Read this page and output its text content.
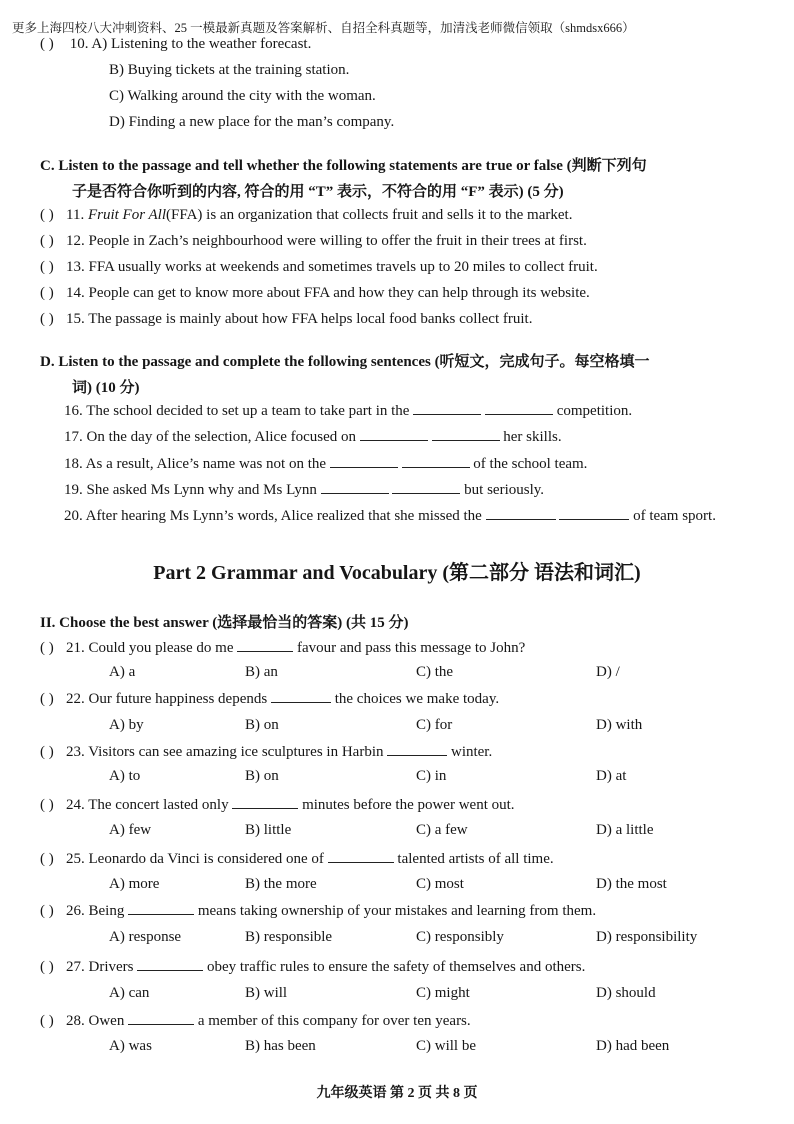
更多上海四校八大冲刺资料、25 一模最新真题及答案解析、自招全科真题等，加清浅老师微信领取（shmdsx666）
( ) 10. A) Listening to the weather forecast.
B) Buying tickets at the training station.
C) Walking around the city with the woman.
D) Finding a new place for the man’s company.
C. Listen to the passage and tell whether the following statements are true or false (判断下列句
子是否符合你听到的内容, 符合的用 “T” 表示，不符合的用 “F” 表示) (5 分)
( ) 11. Fruit For All(FFA) is an organization that collects fruit and sells it to the market.
( ) 12. People in Zach’s neighbourhood were willing to offer the fruit in their trees at first.
( ) 13. FFA usually works at weekends and sometimes travels up to 20 miles to collect fruit.
( ) 14. People can get to know more about FFA and how they can help through its website.
( ) 15. The passage is mainly about how FFA helps local food banks collect fruit.
D. Listen to the passage and complete the following sentences (听短文，完成句子。每空格填一
词) (10 分)
16. The school decided to set up a team to take part in the	competition.
17. On the day of the selection, Alice focused on	her skills.
18. As a result, Alice’s name was not on the	of the school team.
19. She asked Ms Lynn why and Ms Lynn	but seriously.
20. After hearing Ms Lynn’s words, Alice realized that she missed the	of team sport.
Part 2 Grammar and Vocabulary (第二部分 语法和词汇)
II. Choose the best answer (选择最恰当的答案) (共 15 分)
( ) 21. Could you please do me	favour and pass this message to John?
A) a	B) an	C) the	D) /
( ) 22. Our future happiness depends	the choices we make today.
A) by	B) on	C) for	D) with
( ) 23. Visitors can see amazing ice sculptures in Harbin	winter.
A) to	B) on	C) in	D) at
( ) 24. The concert lasted only	minutes before the power went out.
A) few	B) little	C) a few	D) a little
( ) 25. Leonardo da Vinci is considered one of	talented artists of all time.
A) more	B) the more	C) most	D) the most
( ) 26. Being	means taking ownership of your mistakes and learning from them.
A) response	B) responsible	C) responsibly	D) responsibility
( ) 27. Drivers	obey traffic rules to ensure the safety of themselves and others.
A) can	B) will	C) might	D) should
( ) 28. Owen	a member of this company for over ten years.
A) was	B) has been	C) will be	D) had been
九年级英语 第 2 页 共 8 页
